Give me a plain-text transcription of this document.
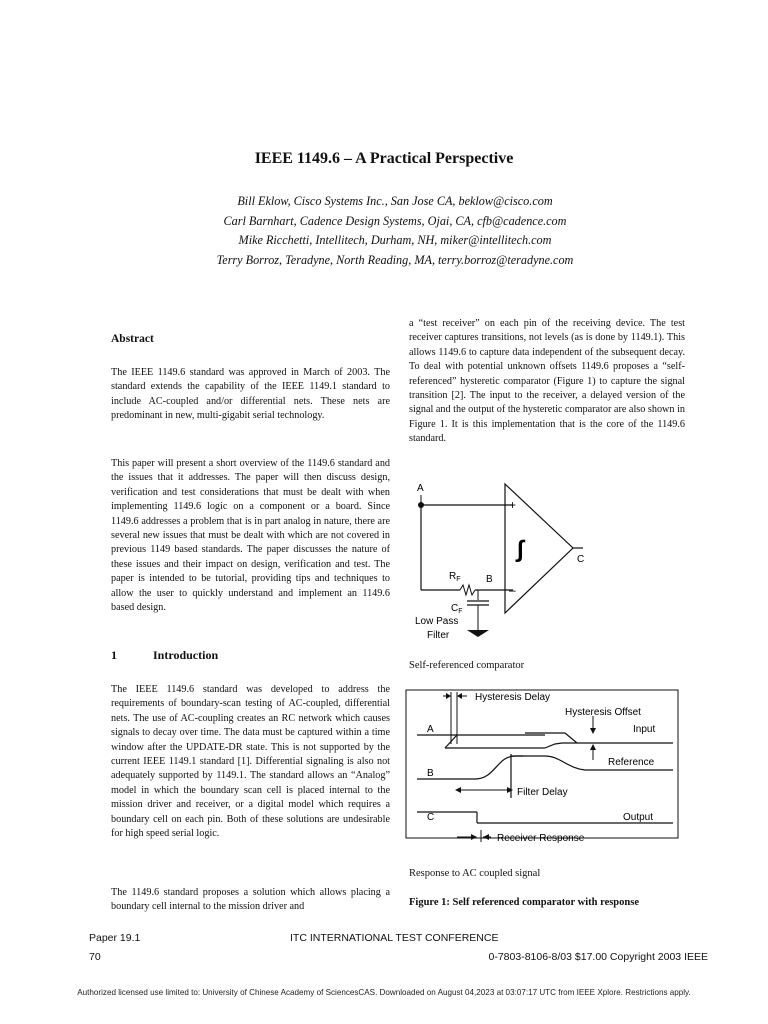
IEEE 1149.6 – A Practical Perspective
Bill Eklow, Cisco Systems Inc., San Jose CA, beklow@cisco.com
Carl Barnhart, Cadence Design Systems, Ojai, CA, cfb@cadence.com
Mike Ricchetti, Intellitech, Durham, NH, miker@intellitech.com
Terry Borroz, Teradyne, North Reading, MA, terry.borroz@teradyne.com
Abstract

The IEEE 1149.6 standard was approved in March of 2003. The standard extends the capability of the IEEE 1149.1 standard to include AC-coupled and/or differential nets. These nets are predominant in new, multi-gigabit serial technology.

This paper will present a short overview of the 1149.6 standard and the issues that it addresses. The paper will then discuss design, verification and test considerations that must be dealt with when implementing 1149.6 logic on a component or a board. Since 1149.6 addresses a problem that is in part analog in nature, there are several new issues that must be dealt with which are not covered in previous 1149 based standards. The paper discusses the nature of these issues and their impact on design, verification and test. The paper is intended to be tutorial, providing tips and techniques to allow the user to quickly understand and implement an 1149.6 based design.

1	Introduction

The IEEE 1149.6 standard was developed to address the requirements of boundary-scan testing of AC-coupled, differential nets. The use of AC-coupling creates an RC network which causes signals to decay over time. The data must be captured within a time window after the UPDATE-DR state. This is not supported by the current IEEE 1149.1 standard [1]. Differential signaling is also not adequately supported by 1149.1. The standard allows an “Analog” model in which the boundary scan cell is placed internal to the mission driver and receiver, or a digital model which requires a boundary cell on each pin. Both of these solutions are undesirable for high speed serial logic.

The 1149.6 standard proposes a solution which allows placing a boundary cell internal to the mission driver and

a “test receiver” on each pin of the receiving device. The test receiver captures transitions, not levels (as is done by 1149.1). This allows 1149.6 to capture data independent of the subsequent decay. To deal with potential unknown offsets 1149.6 proposes a “self-referenced” hysteretic comparator (Figure 1) to capture the signal transition [2]. The input to the receiver, a delayed version of the signal and the output of the hysteretic comparator are also shown in Figure 1. It is this implementation that is the core of the 1149.6 standard.

A
$R_F$	B
$C_F$
Low Pass
Filter
+
–
∫	C
Self-referenced comparator
Hysteresis Delay
Hysteresis Offset
A	Input
B
Reference
Filter Delay
C	Output
Receiver Response
Response to AC coupled signal
Figure 1: Self referenced comparator with response
Paper 19.1	ITC INTERNATIONAL TEST CONFERENCE
70	0-7803-8106-8/03 $17.00 Copyright 2003 IEEE
Authorized licensed use limited to: University of Chinese Academy of SciencesCAS. Downloaded on August 04,2023 at 03:07:17 UTC from IEEE Xplore. Restrictions apply.
